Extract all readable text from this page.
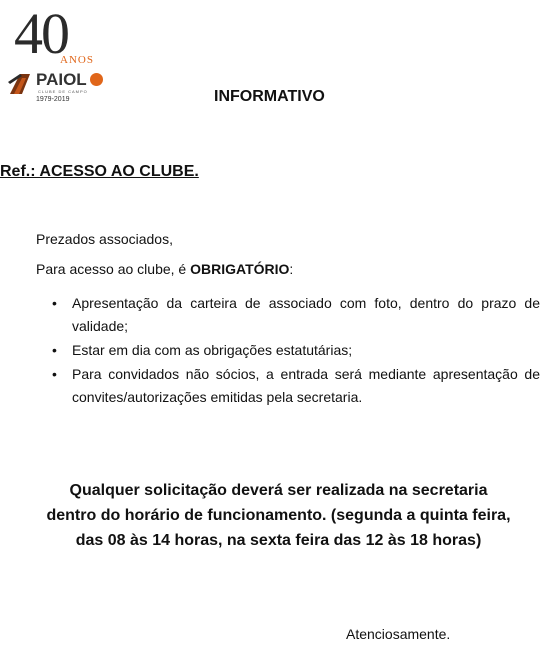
40
ANOS
PAIOL
CLUBE DE CAMPO
1979-2019	INFORMATIVO
Ref.: ACESSO AO CLUBE.
Prezados associados,
Para acesso ao clube, é OBRIGATÓRIO:
• Apresentação da carteira de associado com foto, dentro do prazo de validade;
• Estar em dia com as obrigações estatutárias;
• Para convidados não sócios, a entrada será mediante apresentação de convites/autorizações emitidas pela secretaria.
Qualquer solicitação deverá ser realizada na secretaria
dentro do horário de funcionamento. (segunda a quinta feira,
das 08 às 14 horas, na sexta feira das 12 às 18 horas)
Atenciosamente.
